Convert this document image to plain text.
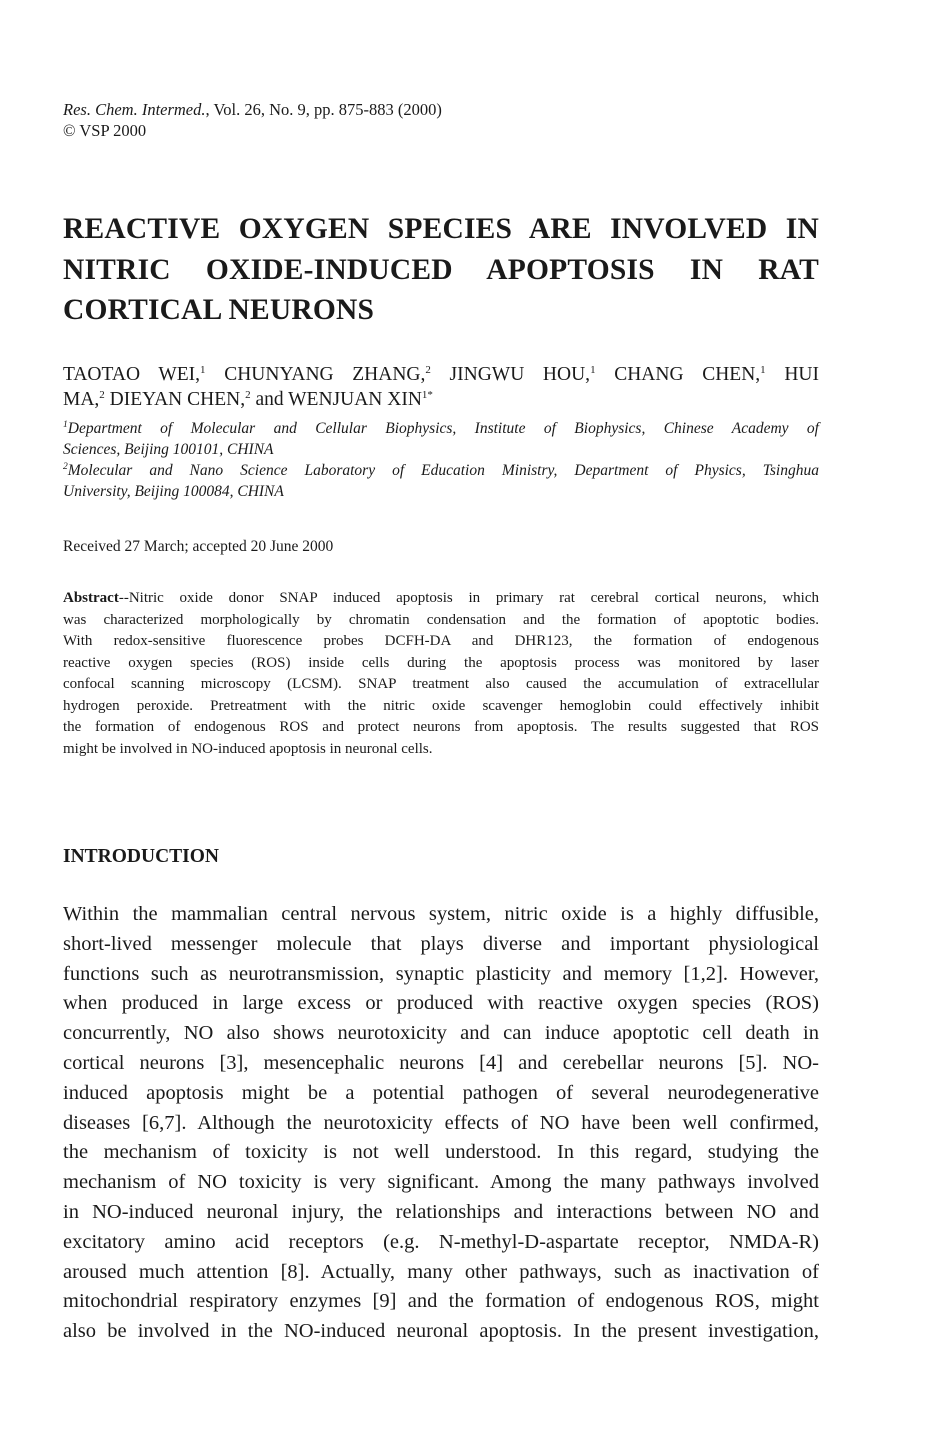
Res. Chem. Intermed., Vol. 26, No. 9, pp. 875-883 (2000)
© VSP 2000
REACTIVE OXYGEN SPECIES ARE INVOLVED IN
NITRIC OXIDE-INDUCED APOPTOSIS IN RAT
CORTICAL NEURONS
TAOTAO WEI,$^1$ CHUNYANG ZHANG,$^2$ JINGWU HOU,$^1$ CHANG CHEN,$^1$ HUI
MA,$^2$ DIEYAN CHEN,$^2$ and WENJUAN $XIN^{1*}$
$^1$Department of Molecular and Cellular Biophysics, Institute of Biophysics, Chinese Academy of
Sciences, Beijing 100101, CHINA
$^2$Molecular and Nano Science Laboratory of Education Ministry, Department of Physics, Tsinghua
University, Beijing 100084, CHINA
Received 27 March; accepted 20 June 2000
Abstract--Nitric oxide donor SNAP induced apoptosis in primary rat cerebral cortical neurons, which
was characterized morphologically by chromatin condensation and the formation of apoptotic bodies.
With redox-sensitive fluorescence probes DCFH-DA and DHR123, the formation of endogenous
reactive oxygen species (ROS) inside cells during the apoptosis process was monitored by laser
confocal scanning microscopy (LCSM). SNAP treatment also caused the accumulation of extracellular
hydrogen peroxide. Pretreatment with the nitric oxide scavenger hemoglobin could effectively inhibit
the formation of endogenous ROS and protect neurons from apoptosis. The results suggested that ROS
might be involved in NO-induced apoptosis in neuronal cells.
INTRODUCTION
Within the mammalian central nervous system, nitric oxide is a highly diffusible,
short-lived messenger molecule that plays diverse and important physiological
functions such as neurotransmission, synaptic plasticity and memory [1,2]. However,
when produced in large excess or produced with reactive oxygen species (ROS)
concurrently, NO also shows neurotoxicity and can induce apoptotic cell death in
cortical neurons [3], mesencephalic neurons [4] and cerebellar neurons [5]. NO-
induced apoptosis might be a potential pathogen of several neurodegenerative
diseases [6,7]. Although the neurotoxicity effects of NO have been well confirmed,
the mechanism of toxicity is not well understood. In this regard, studying the
mechanism of NO toxicity is very significant. Among the many pathways involved
in NO-induced neuronal injury, the relationships and interactions between NO and
excitatory amino acid receptors (e.g. N-methyl-D-aspartate receptor, NMDA-R)
aroused much attention [8]. Actually, many other pathways, such as inactivation of
mitochondrial respiratory enzymes [9] and the formation of endogenous ROS, might
also be involved in the NO-induced neuronal apoptosis. In the present investigation,
